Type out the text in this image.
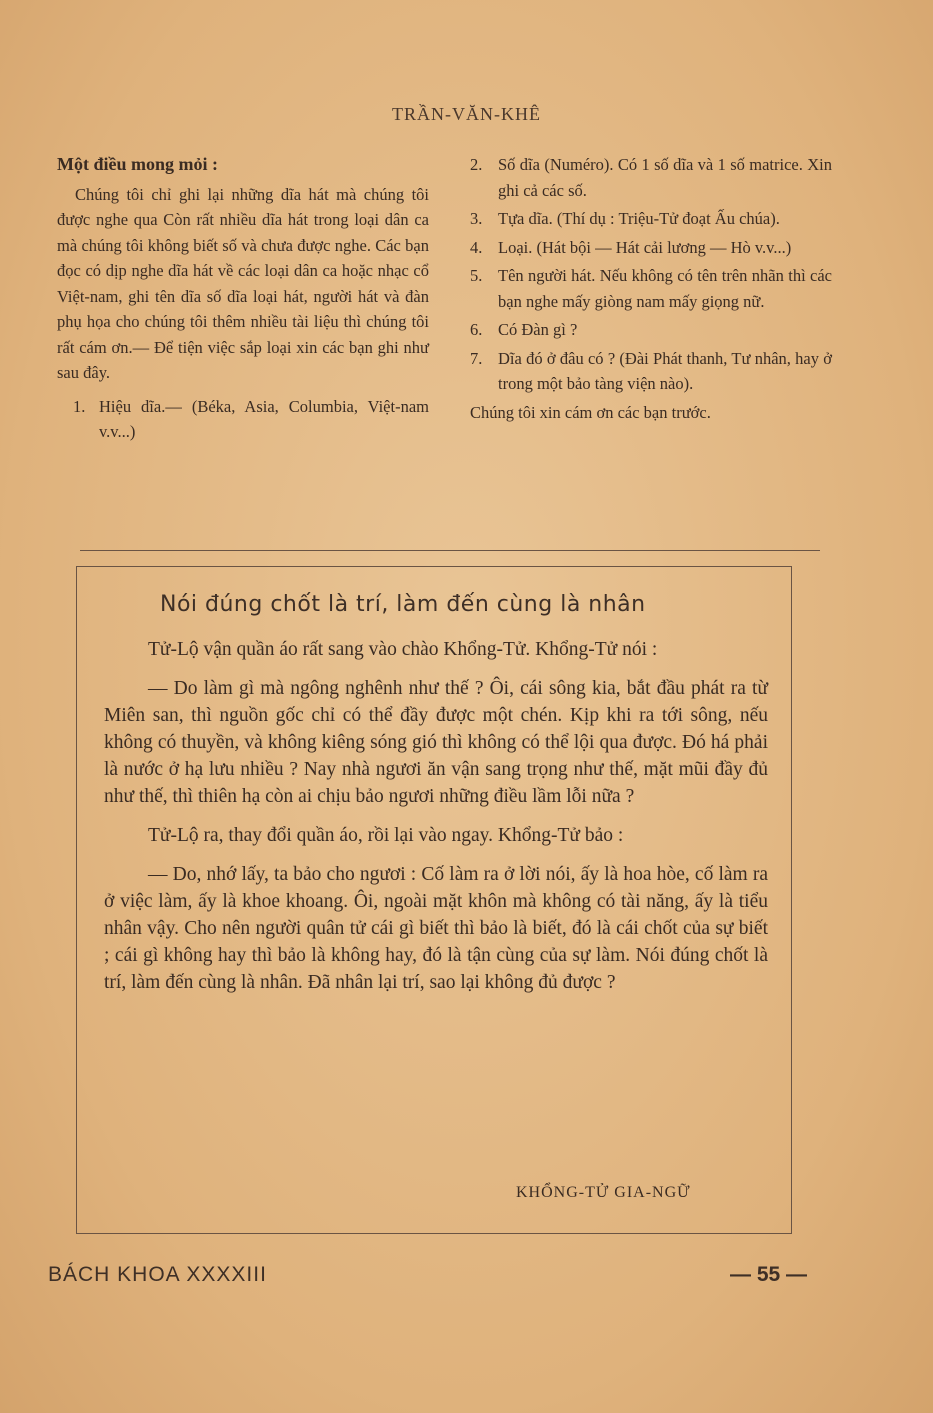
TRẦN-VĂN-KHÊ
Một điều mong mỏi :

Chúng tôi chỉ ghi lại những dĩa hát mà chúng tôi được nghe qua Còn rất nhiều dĩa hát trong loại dân ca mà chúng tôi không biết số và chưa được nghe. Các bạn đọc có dịp nghe dĩa hát về các loại dân ca hoặc nhạc cổ Việt-nam, ghi tên dĩa số dĩa loại hát, người hát và đàn phụ họa cho chúng tôi thêm nhiều tài liệu thì chúng tôi rất cám ơn.— Để tiện việc sắp loại xin các bạn ghi như sau đây.

1. Hiệu dĩa.— (Béka, Asia, Columbia, Việt-nam v.v...)
2. Số dĩa (Numéro). Có 1 số dĩa và 1 số matrice. Xin ghi cả các số.
3. Tựa dĩa. (Thí dụ : Triệu-Tử đoạt Ấu chúa).
4. Loại. (Hát bội — Hát cải lương — Hò v.v...)
5. Tên người hát. Nếu không có tên trên nhãn thì các bạn nghe mấy giòng nam mấy giọng nữ.
6. Có Đàn gì ?
7. Dĩa đó ở đâu có ? (Đài Phát thanh, Tư nhân, hay ở trong một bảo tàng viện nào).

Chúng tôi xin cám ơn các bạn trước.

Nói đúng chốt là trí, làm đến cùng là nhân

Tử-Lộ vận quần áo rất sang vào chào Khổng-Tử. Khổng-Tử nói :

— Do làm gì mà ngông nghênh như thế ? Ôi, cái sông kia, bắt đầu phát ra từ Miên san, thì nguồn gốc chỉ có thể đầy được một chén. Kịp khi ra tới sông, nếu không có thuyền, và không kiêng sóng gió thì không có thể lội qua được. Đó há phải là nước ở hạ lưu nhiều ? Nay nhà ngươi ăn vận sang trọng như thế, mặt mũi đầy đủ như thế, thì thiên hạ còn ai chịu bảo ngươi những điều lầm lỗi nữa ?

Tử-Lộ ra, thay đổi quần áo, rồi lại vào ngay. Khổng-Tử bảo :

— Do, nhớ lấy, ta bảo cho ngươi : Cố làm ra ở lời nói, ấy là hoa hòe, cố làm ra ở việc làm, ấy là khoe khoang. Ôi, ngoài mặt khôn mà không có tài năng, ấy là tiểu nhân vậy. Cho nên người quân tử cái gì biết thì bảo là biết, đó là cái chốt của sự biết ; cái gì không hay thì bảo là không hay, đó là tận cùng của sự làm. Nói đúng chốt là trí, làm đến cùng là nhân. Đã nhân lại trí, sao lại không đủ được ?

KHỔNG-TỬ GIA-NGỮ
BÁCH KHOA XXXXIII	— 55 —
